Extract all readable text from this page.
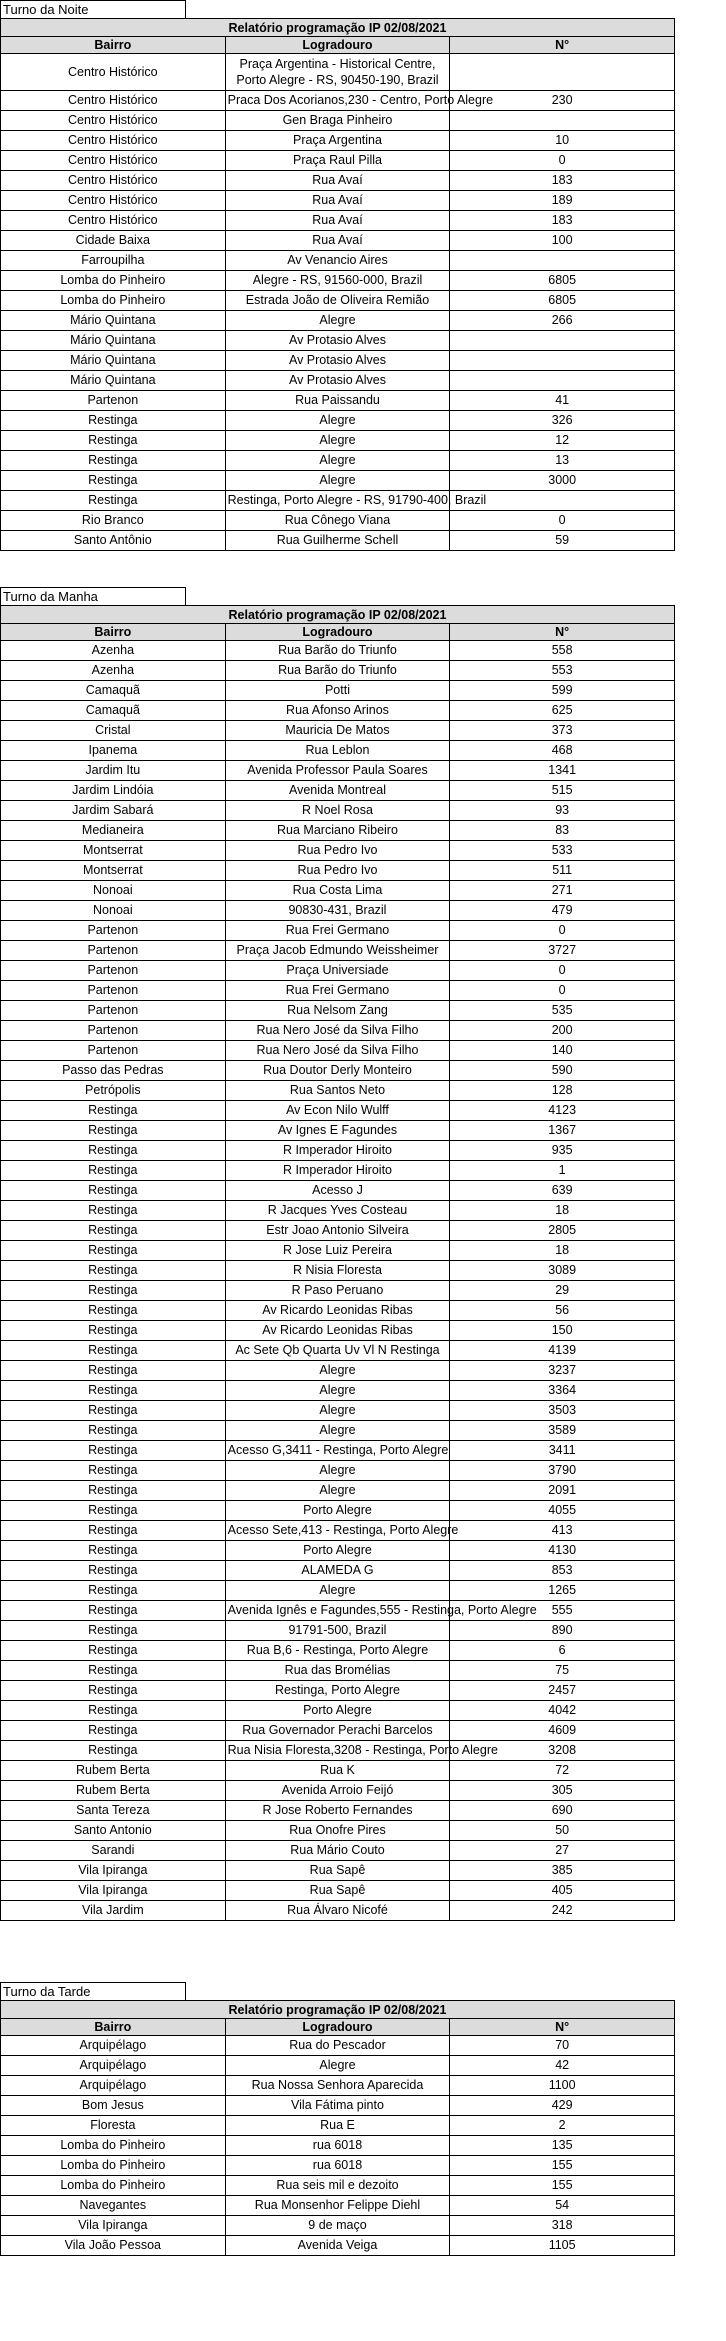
Turno da Noite
Relatório programação IP 02/08/2021		
Bairro	Logradouro	N°
Centro Histórico	Praça Argentina - Historical Centre, Porto Alegre - RS, 90450-190, Brazil	
Centro Histórico	Praca Dos Acorianos,230 - Centro, Porto Alegre	230
Centro Histórico	Gen Braga Pinheiro	
Centro Histórico	Praça Argentina	10
Centro Histórico	Praça Raul Pilla	0
Centro Histórico	Rua Avaí	183
Centro Histórico	Rua Avaí	189
Centro Histórico	Rua Avaí	183
Cidade Baixa	Rua Avaí	100
Farroupilha	Av Venancio Aires	
Lomba do Pinheiro	Alegre - RS, 91560-000, Brazil	6805
Lomba do Pinheiro	Estrada João de Oliveira Remião	6805
Mário Quintana	Alegre	266
Mário Quintana	Av Protasio Alves	
Mário Quintana	Av Protasio Alves	
Mário Quintana	Av Protasio Alves	
Partenon	Rua Paissandu	41
Restinga	Alegre	326
Restinga	Alegre	12
Restinga	Alegre	13
Restinga	Alegre	3000
Restinga	Restinga, Porto Alegre - RS, 91790-400, Brazil	
Rio Branco	Rua Cônego Viana	0
Santo Antônio	Rua Guilherme Schell	59
Turno da Manha
Relatório programação IP 02/08/2021		
Bairro	Logradouro	N°
Azenha	Rua Barão do Triunfo	558
Azenha	Rua Barão do Triunfo	553
Camaquã	Potti	599
Camaquã	Rua Afonso Arinos	625
Cristal	Mauricia De Matos	373
Ipanema	Rua Leblon	468
Jardim Itu	Avenida Professor Paula Soares	1341
Jardim Lindóia	Avenida Montreal	515
Jardim Sabará	R Noel Rosa	93
Medianeira	Rua Marciano Ribeiro	83
Montserrat	Rua Pedro Ivo	533
Montserrat	Rua Pedro Ivo	511
Nonoai	Rua Costa Lima	271
Nonoai	90830-431, Brazil	479
Partenon	Rua Frei Germano	0
Partenon	Praça Jacob Edmundo Weissheimer	3727
Partenon	Praça Universiade	0
Partenon	Rua Frei Germano	0
Partenon	Rua Nelsom Zang	535
Partenon	Rua Nero José da Silva Filho	200
Partenon	Rua Nero José da Silva Filho	140
Passo das Pedras	Rua Doutor Derly Monteiro	590
Petrópolis	Rua Santos Neto	128
Restinga	Av Econ Nilo Wulff	4123
Restinga	Av Ignes E Fagundes	1367
Restinga	R Imperador Hiroito	935
Restinga	R Imperador Hiroito	1
Restinga	Acesso J	639
Restinga	R Jacques Yves Costeau	18
Restinga	Estr Joao Antonio Silveira	2805
Restinga	R Jose Luiz Pereira	18
Restinga	R Nisia Floresta	3089
Restinga	R Paso Peruano	29
Restinga	Av Ricardo Leonidas Ribas	56
Restinga	Av Ricardo Leonidas Ribas	150
Restinga	Ac Sete Qb Quarta Uv Vl N Restinga	4139
Restinga	Alegre	3237
Restinga	Alegre	3364
Restinga	Alegre	3503
Restinga	Alegre	3589
Restinga	Acesso G,3411 - Restinga, Porto Alegre	3411
Restinga	Alegre	3790
Restinga	Alegre	2091
Restinga	Porto Alegre	4055
Restinga	Acesso Sete,413 - Restinga, Porto Alegre	413
Restinga	Porto Alegre	4130
Restinga	ALAMEDA G	853
Restinga	Alegre	1265
Restinga	Avenida Ignês e Fagundes,555 - Restinga, Porto Alegre	555
Restinga	91791-500, Brazil	890
Restinga	Rua B,6 - Restinga, Porto Alegre	6
Restinga	Rua das Bromélias	75
Restinga	Restinga, Porto Alegre	2457
Restinga	Porto Alegre	4042
Restinga	Rua Governador Perachi Barcelos	4609
Restinga	Rua Nisia Floresta,3208 - Restinga, Porto Alegre	3208
Rubem Berta	Rua K	72
Rubem Berta	Avenida Arroio Feijó	305
Santa Tereza	R Jose Roberto Fernandes	690
Santo Antonio	Rua Onofre Pires	50
Sarandi	Rua Mário Couto	27
Vila Ipiranga	Rua Sapê	385
Vila Ipiranga	Rua Sapê	405
Vila Jardim	Rua Álvaro Nicofé	242
Turno da Tarde
Relatório programação IP 02/08/2021		
Bairro	Logradouro	N°
Arquipélago	Rua do Pescador	70
Arquipélago	Alegre	42
Arquipélago	Rua Nossa Senhora Aparecida	1100
Bom Jesus	Vila Fátima pinto	429
Floresta	Rua E	2
Lomba do Pinheiro	rua 6018	135
Lomba do Pinheiro	rua 6018	155
Lomba do Pinheiro	Rua seis mil e dezoito	155
Navegantes	Rua Monsenhor Felippe Diehl	54
Vila Ipiranga	9 de maço	318
Vila João Pessoa	Avenida Veiga	1105
